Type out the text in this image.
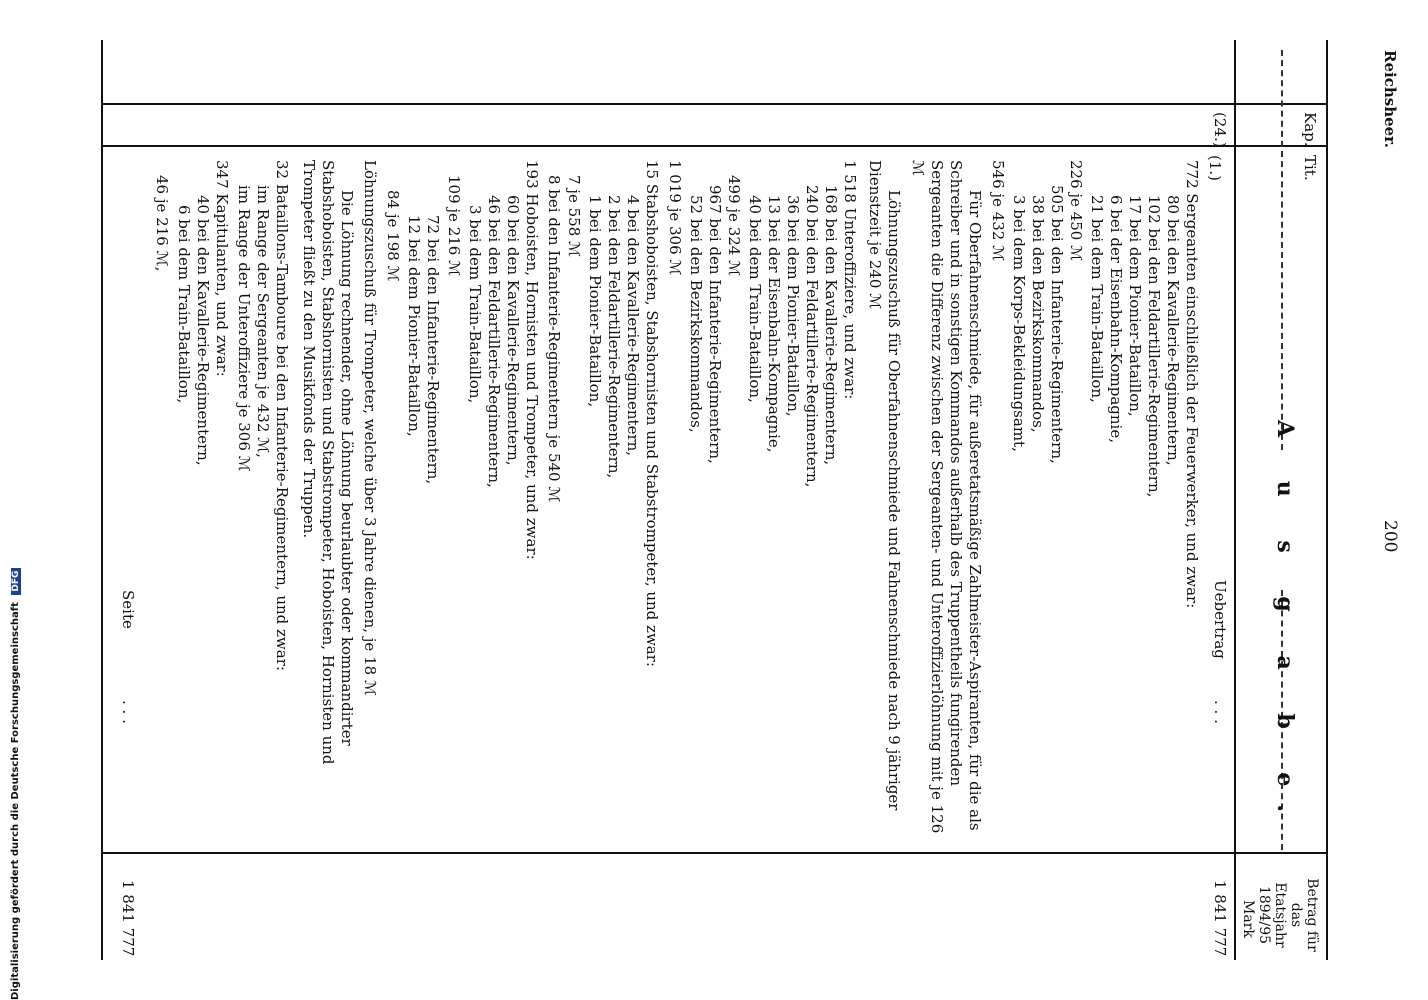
Reichsheer.
200
Kap.
Tit.
Betrag für das Etatsjahr 1894/95
Mark
(24.)
(1.)
A u s g a b e.
Uebertrag
. . .
1 841 777
772 Sergeanten einschließlich der Feuerwerker, und zwar:
80 bei den Kavallerie-Regimentern,
102 bei den Feldartillerie-Regimentern,
17 bei dem Pionier-Bataillon,
6 bei der Eisenbahn-Kompagnie,
21 bei dem Train-Bataillon,
226 je 450 ℳ
505 bei den Infanterie-Regimentern,
38 bei den Bezirkskommandos,
3 bei dem Korps-Bekleidungsamt,
546 je 432 ℳ
Für Oberfahnenschmiede, für außeretatsmäßige Zahlmeister-Aspiranten, für die als Schreiber und in sonstigen Kommandos außerhalb des Truppentheils fungirenden Sergeanten die Differenz zwischen der Sergeanten- und Unteroffizierlöhnung mit je 126 ℳ
Löhnungszuschuß für Oberfahnenschmiede und Fahnenschmiede nach 9 jähriger Dienstzeit je 240 ℳ
1 518 Unteroffiziere, und zwar:
168 bei den Kavallerie-Regimentern,
240 bei den Feldartillerie-Regimentern,
36 bei dem Pionier-Bataillon,
13 bei der Eisenbahn-Kompagnie,
40 bei dem Train-Bataillon,
499 je 324 ℳ
967 bei den Infanterie-Regimentern,
52 bei den Bezirkskommandos,
1 019 je 306 ℳ
15 Stabshoboisten, Stabshornisten und Stabstrompeter, und zwar:
4 bei den Kavallerie-Regimentern,
2 bei den Feldartillerie-Regimentern,
1 bei dem Pionier-Bataillon,
7 je 558 ℳ
8 bei den Infanterie-Regimentern je 540 ℳ
193 Hoboisten, Hornisten und Trompeter, und zwar:
60 bei den Kavallerie-Regimentern,
46 bei den Feldartillerie-Regimentern,
3 bei dem Train-Bataillon,
109 je 216 ℳ
72 bei den Infanterie-Regimentern,
12 bei dem Pionier-Bataillon,
84 je 198 ℳ
Löhnungszuschuß für Trompeter, welche über 3 Jahre dienen, je 18 ℳ
Die Löhnung rechnender, ohne Löhnung beurlaubter oder kommandirter Stabshoboisten, Stabshornisten und Stabstrompeter, Hoboisten, Hornisten und Trompeter fließt zu den Musikfonds der Truppen.
32 Bataillons-Tamboure bei den Infanterie-Regimentern, und zwar:
im Range der Sergeanten je 432 ℳ,
im Range der Unteroffiziere je 306 ℳ
347 Kapitulanten, und zwar:
40 bei den Kavallerie-Regimentern,
6 bei dem Train-Bataillon,
46 je 216 ℳ,
Seite
. . .
1 841 777
Digitalisierung gefördert durch die Deutsche Forschungsgemeinschaft DFG
